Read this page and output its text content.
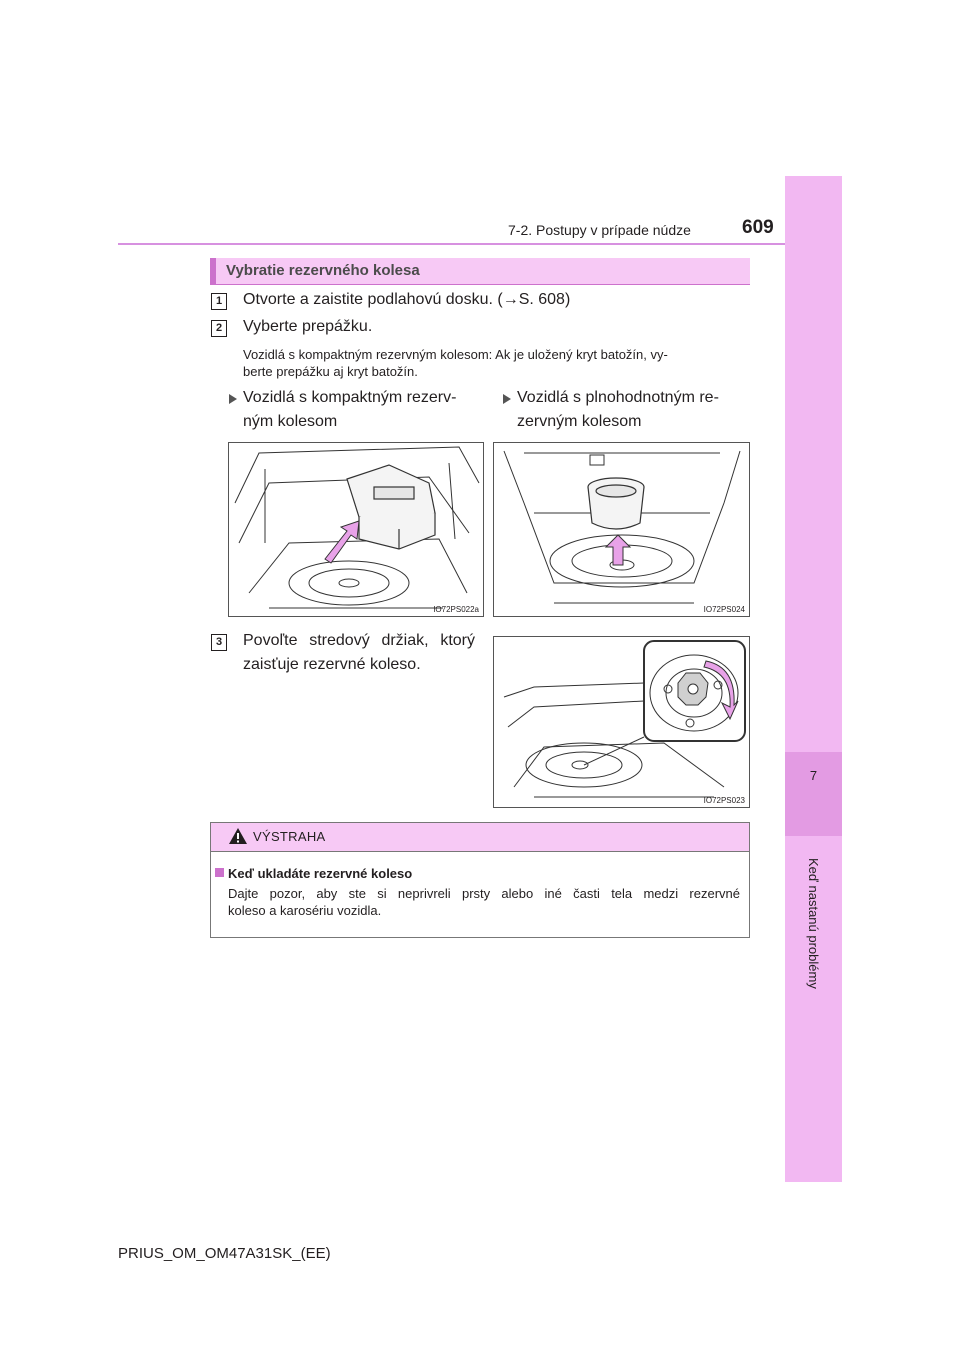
7
Keď nastanú problémy
7-2. Postupy v prípade núdze	609
Vybratie rezervného kolesa
1	Otvorte a zaistite podlahovú dosku. (→S. 608)
2	Vyberte prepážku.
Vozidlá s kompaktným rezervným kolesom: Ak je uložený kryt batožín, vy-
berte prepážku aj kryt batožín.
Vozidlá s kompaktným rezerv-
ným kolesom
Vozidlá s plnohodnotným re-
zervným kolesom
IO72PS022a	IO72PS024
3	Povoľte stredový držiak, ktorý
zaisťuje rezervné koleso.
IO72PS023
VÝSTRAHA
Keď ukladáte rezervné koleso
Dajte pozor, aby ste si neprivreli prsty alebo iné časti tela medzi rezervné
koleso a karosériu vozidla.
PRIUS_OM_OM47A31SK_(EE)
